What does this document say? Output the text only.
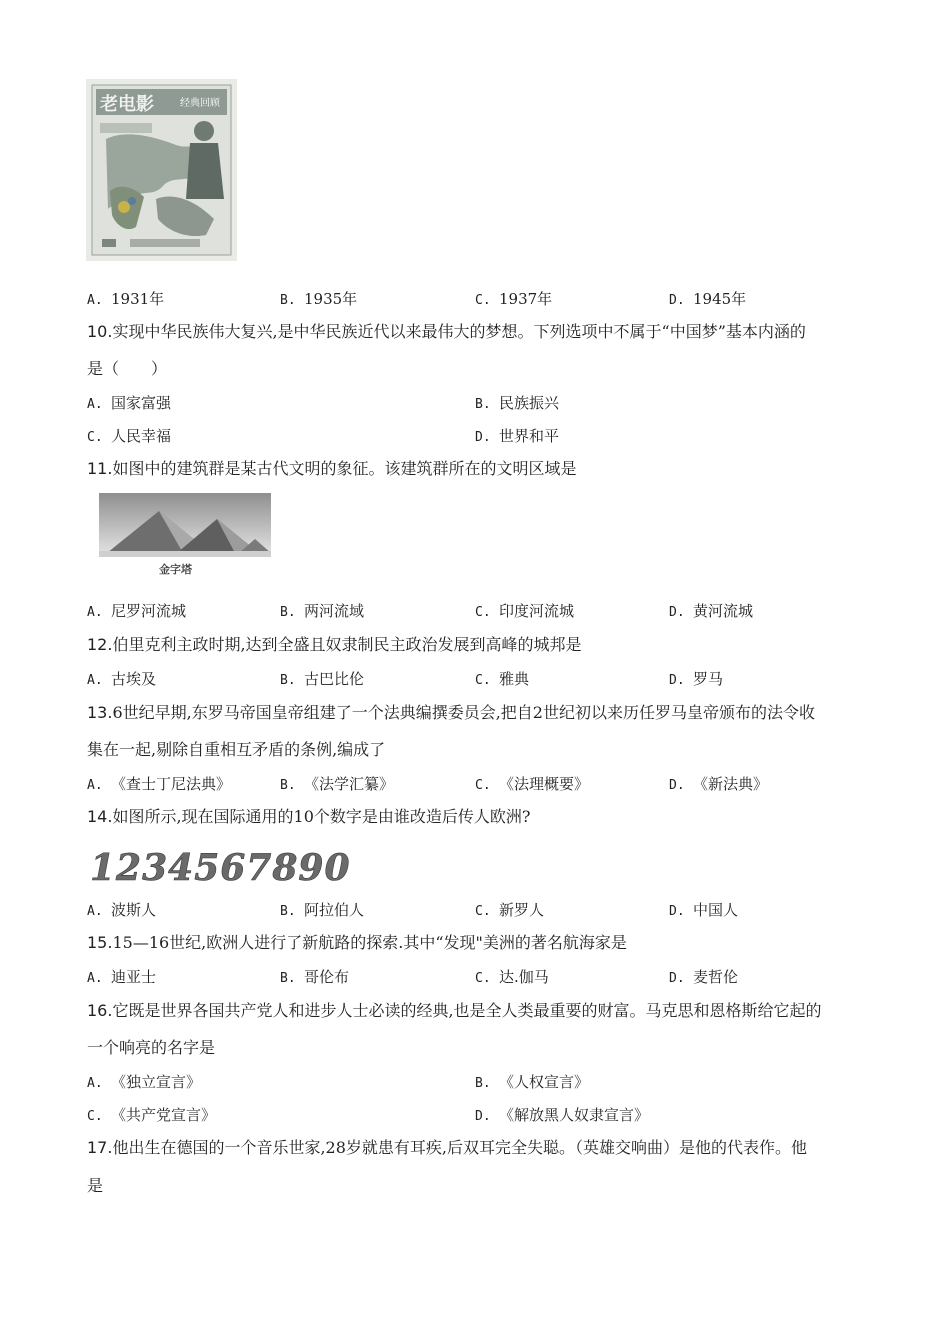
老电影	经典回顾
A. 1931年	B. 1935年	C. 1937年	D. 1945年
10.实现中华民族伟大复兴,是中华民族近代以来最伟大的梦想。下列选项中不属于“中国梦”基本内涵的
是（　　）
A. 国家富强	B. 民族振兴
C. 人民幸福	D. 世界和平
11.如图中的建筑群是某古代文明的象征。该建筑群所在的文明区域是
金字塔
A. 尼罗河流城	B. 两河流域	C. 印度河流城	D. 黄河流城
12.伯里克利主政时期,达到全盛且奴隶制民主政治发展到高峰的城邦是
A. 古埃及	B. 古巴比伦	C. 雅典	D. 罗马
13.6世纪早期,东罗马帝国皇帝组建了一个法典编撰委员会,把自2世纪初以来历任罗马皇帝颁布的法令收
集在一起,剔除自重相互矛盾的条例,编成了
A. 《查士丁尼法典》	B. 《法学汇纂》	C. 《法理概要》	D. 《新法典》
14.如图所示,现在国际通用的10个数字是由谁改造后传人欧洲?
1234567890
A. 波斯人	B. 阿拉伯人	C. 新罗人	D. 中国人
15.15—16世纪,欧洲人进行了新航路的探索.其中“发现"美洲的著名航海家是
A. 迪亚士	B. 哥伦布	C. 达.伽马	D. 麦哲伦
16.它既是世界各国共产党人和进步人士必读的经典,也是全人类最重要的财富。马克思和恩格斯给它起的
一个响亮的名字是
A. 《独立宣言》	B. 《人权宣言》
C. 《共产党宣言》	D. 《解放黑人奴隶宣言》
17.他出生在德国的一个音乐世家,28岁就患有耳疾,后双耳完全失聪。（英雄交响曲）是他的代表作。他
是
